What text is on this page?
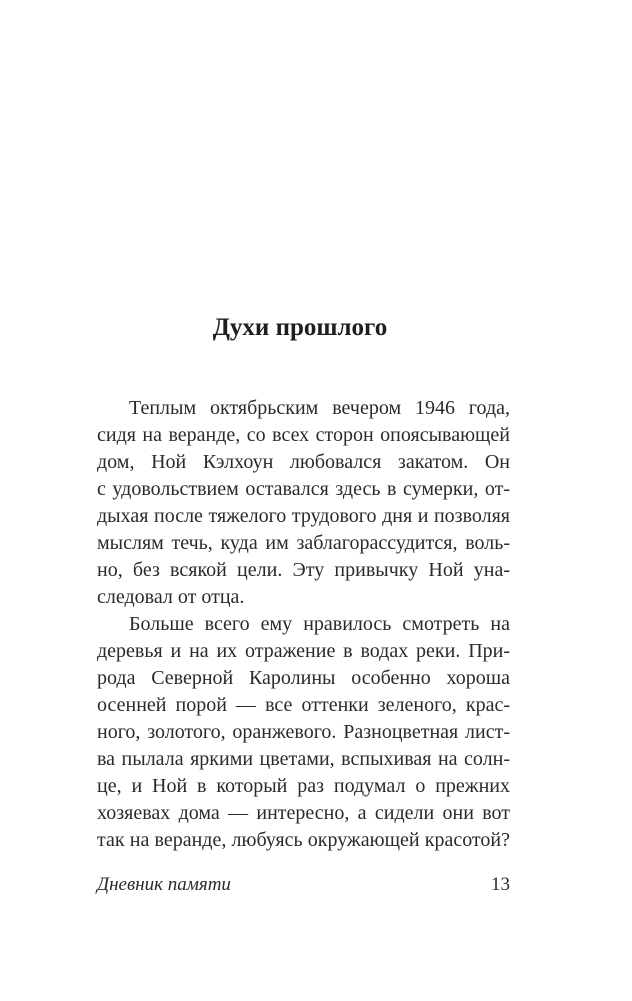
Духи прошлого
Теплым октябрьским вечером 1946 года,
сидя на веранде, со всех сторон опоясывающей
дом, Ной Кэлхоун любовался закатом. Он
с удовольствием оставался здесь в сумерки, от-
дыхая после тяжелого трудового дня и позволяя
мыслям течь, куда им заблагорассудится, воль-
но, без всякой цели. Эту привычку Ной уна-
следовал от отца.
Больше всего ему нравилось смотреть на
деревья и на их отражение в водах реки. При-
рода Северной Каролины особенно хороша
осенней порой — все оттенки зеленого, крас-
ного, золотого, оранжевого. Разноцветная лист-
ва пылала яркими цветами, вспыхивая на солн-
це, и Ной в который раз подумал о прежних
хозяевах дома — интересно, а сидели они вот
так на веранде, любуясь окружающей красотой?
Дневник памяти	13
